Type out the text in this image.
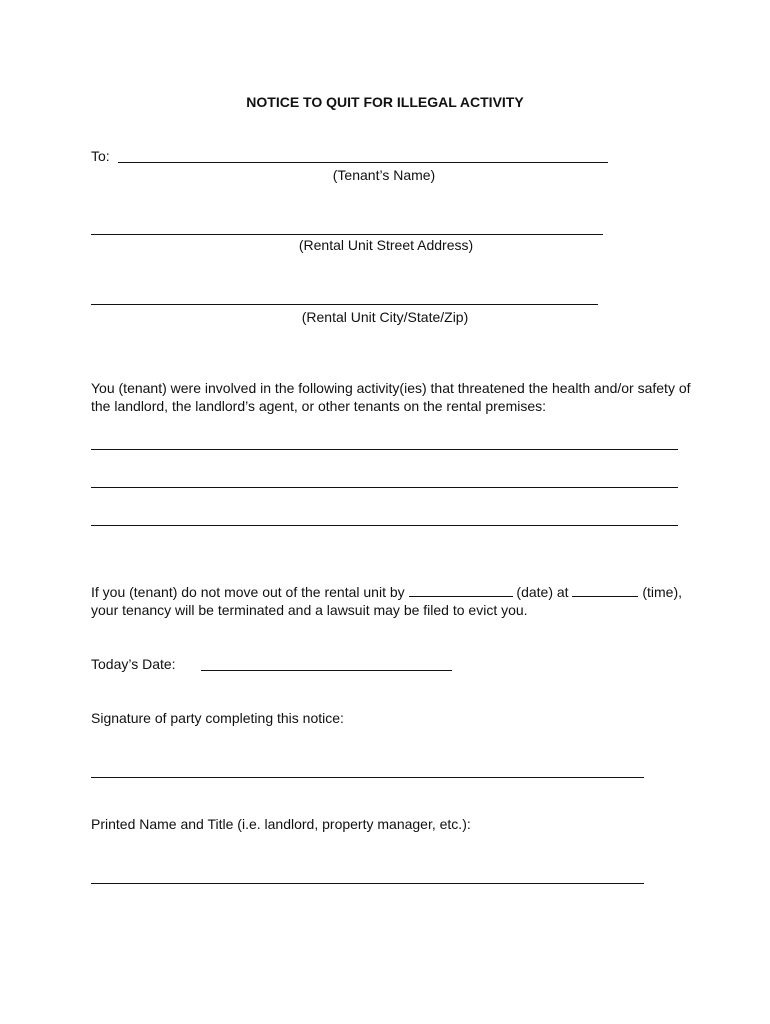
NOTICE TO QUIT FOR ILLEGAL ACTIVITY
To:
(Tenant’s Name)
(Rental Unit Street Address)
(Rental Unit City/State/Zip)
You (tenant) were involved in the following activity(ies) that threatened the health and/or safety of the landlord, the landlord’s agent, or other tenants on the rental premises:
If you (tenant) do not move out of the rental unit by	(date) at	(time), your tenancy will be terminated and a lawsuit may be filed to evict you.
Today’s Date:
Signature of party completing this notice:
Printed Name and Title (i.e. landlord, property manager, etc.):
